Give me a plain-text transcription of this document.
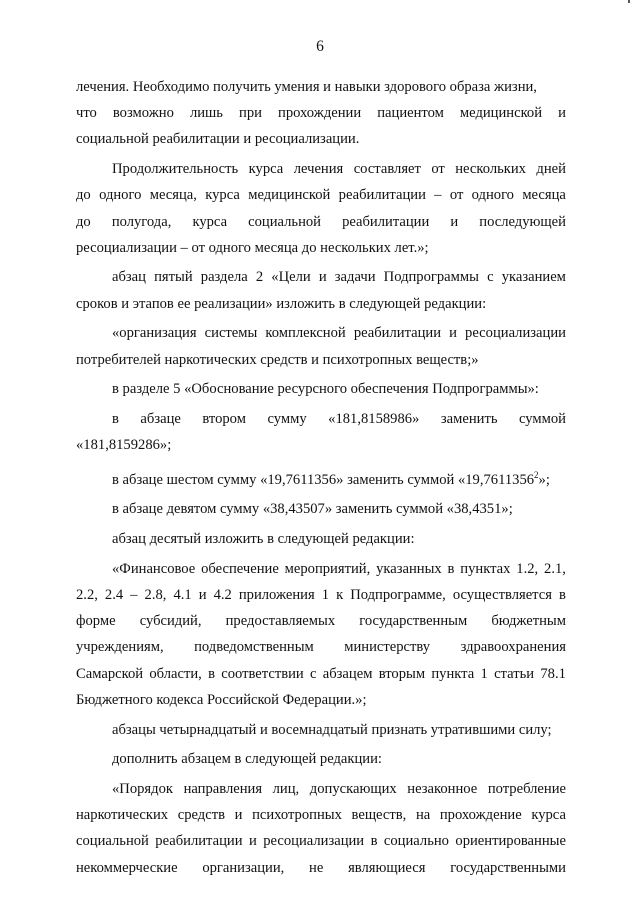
6
лечения. Необходимо получить умения и навыки здорового образа жизни,
что возможно лишь при прохождении пациентом медицинской и
социальной реабилитации и ресоциализации.
Продолжительность курса лечения составляет от нескольких дней
до одного месяца, курса медицинской реабилитации – от одного месяца
до полугода, курса социальной реабилитации и последующей
ресоциализации – от одного месяца до нескольких лет.»;
абзац пятый раздела 2 «Цели и задачи Подпрограммы с указанием
сроков и этапов ее реализации» изложить в следующей редакции:
«организация системы комплексной реабилитации и ресоциализации
потребителей наркотических средств и психотропных веществ;»
в разделе 5 «Обоснование ресурсного обеспечения Подпрограммы»:
в абзаце втором сумму «181,8158986» заменить суммой
«181,8159286»;
в абзаце шестом сумму «19,7611356» заменить суммой «19,7611356$^2$»;
в абзаце девятом сумму «38,43507» заменить суммой «38,4351»;
абзац десятый изложить в следующей редакции:
«Финансовое обеспечение мероприятий, указанных в пунктах 1.2, 2.1,
2.2, 2.4 – 2.8, 4.1 и 4.2 приложения 1 к Подпрограмме, осуществляется в
форме субсидий, предоставляемых государственным бюджетным
учреждениям, подведомственным министерству здравоохранения
Самарской области, в соответствии с абзацем вторым пункта 1 статьи 78.1
Бюджетного кодекса Российской Федерации.»;
абзацы четырнадцатый и восемнадцатый признать утратившими силу;
дополнить абзацем в следующей редакции:
«Порядок направления лиц, допускающих незаконное потребление
наркотических средств и психотропных веществ, на прохождение курса
социальной реабилитации и ресоциализации в социально ориентированные
некоммерческие организации, не являющиеся государственными
